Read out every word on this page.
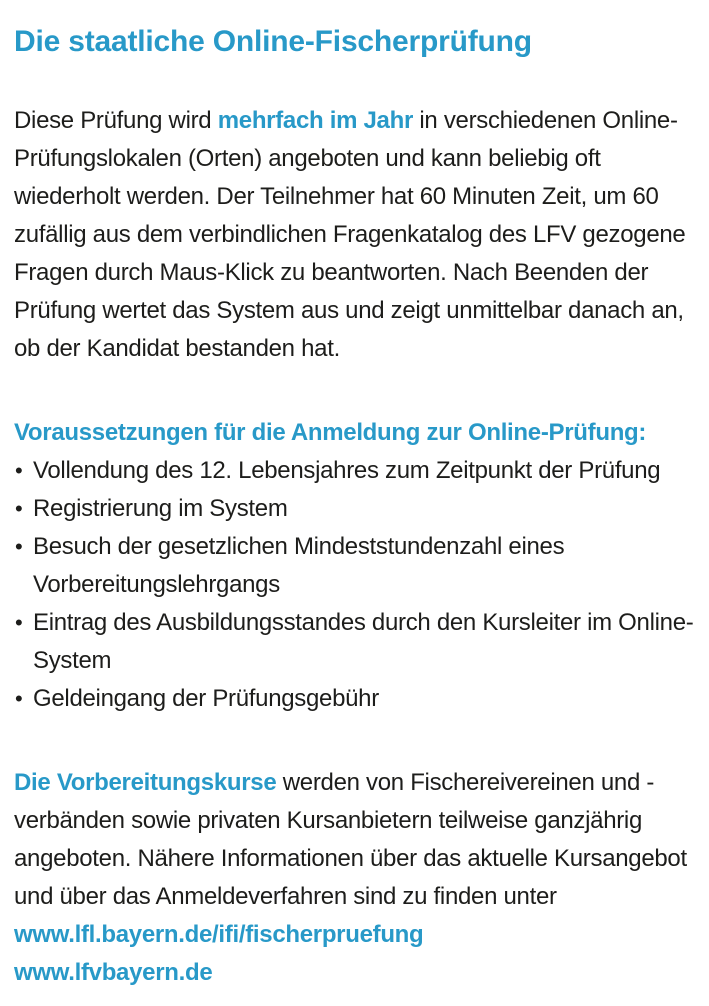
Die staatliche Online-Fischerprüfung

Diese Prüfung wird mehrfach im Jahr in verschiedenen Online-Prüfungslokalen (Orten) angeboten und kann beliebig oft wiederholt werden. Der Teilnehmer hat 60 Minuten Zeit, um 60 zufällig aus dem verbindlichen Fragenkatalog des LFV gezogene Fragen durch Maus-Klick zu beantworten. Nach Beenden der Prüfung wertet das System aus und zeigt unmittelbar danach an, ob der Kandidat bestanden hat.

Voraussetzungen für die Anmeldung zur Online-Prüfung:
• Vollendung des 12. Lebensjahres zum Zeitpunkt der Prüfung
• Registrierung im System
• Besuch der gesetzlichen Mindeststundenzahl eines Vorbereitungslehrgangs
• Eintrag des Ausbildungsstandes durch den Kursleiter im Online-System
• Geldeingang der Prüfungsgebühr

Die Vorbereitungskurse werden von Fischereivereinen und -verbänden sowie privaten Kursanbietern teilweise ganzjährig angeboten. Nähere Informationen über das aktuelle Kursangebot und über das Anmeldeverfahren sind zu finden unter

www.lfl.bayern.de/ifi/fischerpruefung
www.lfvbayern.de
